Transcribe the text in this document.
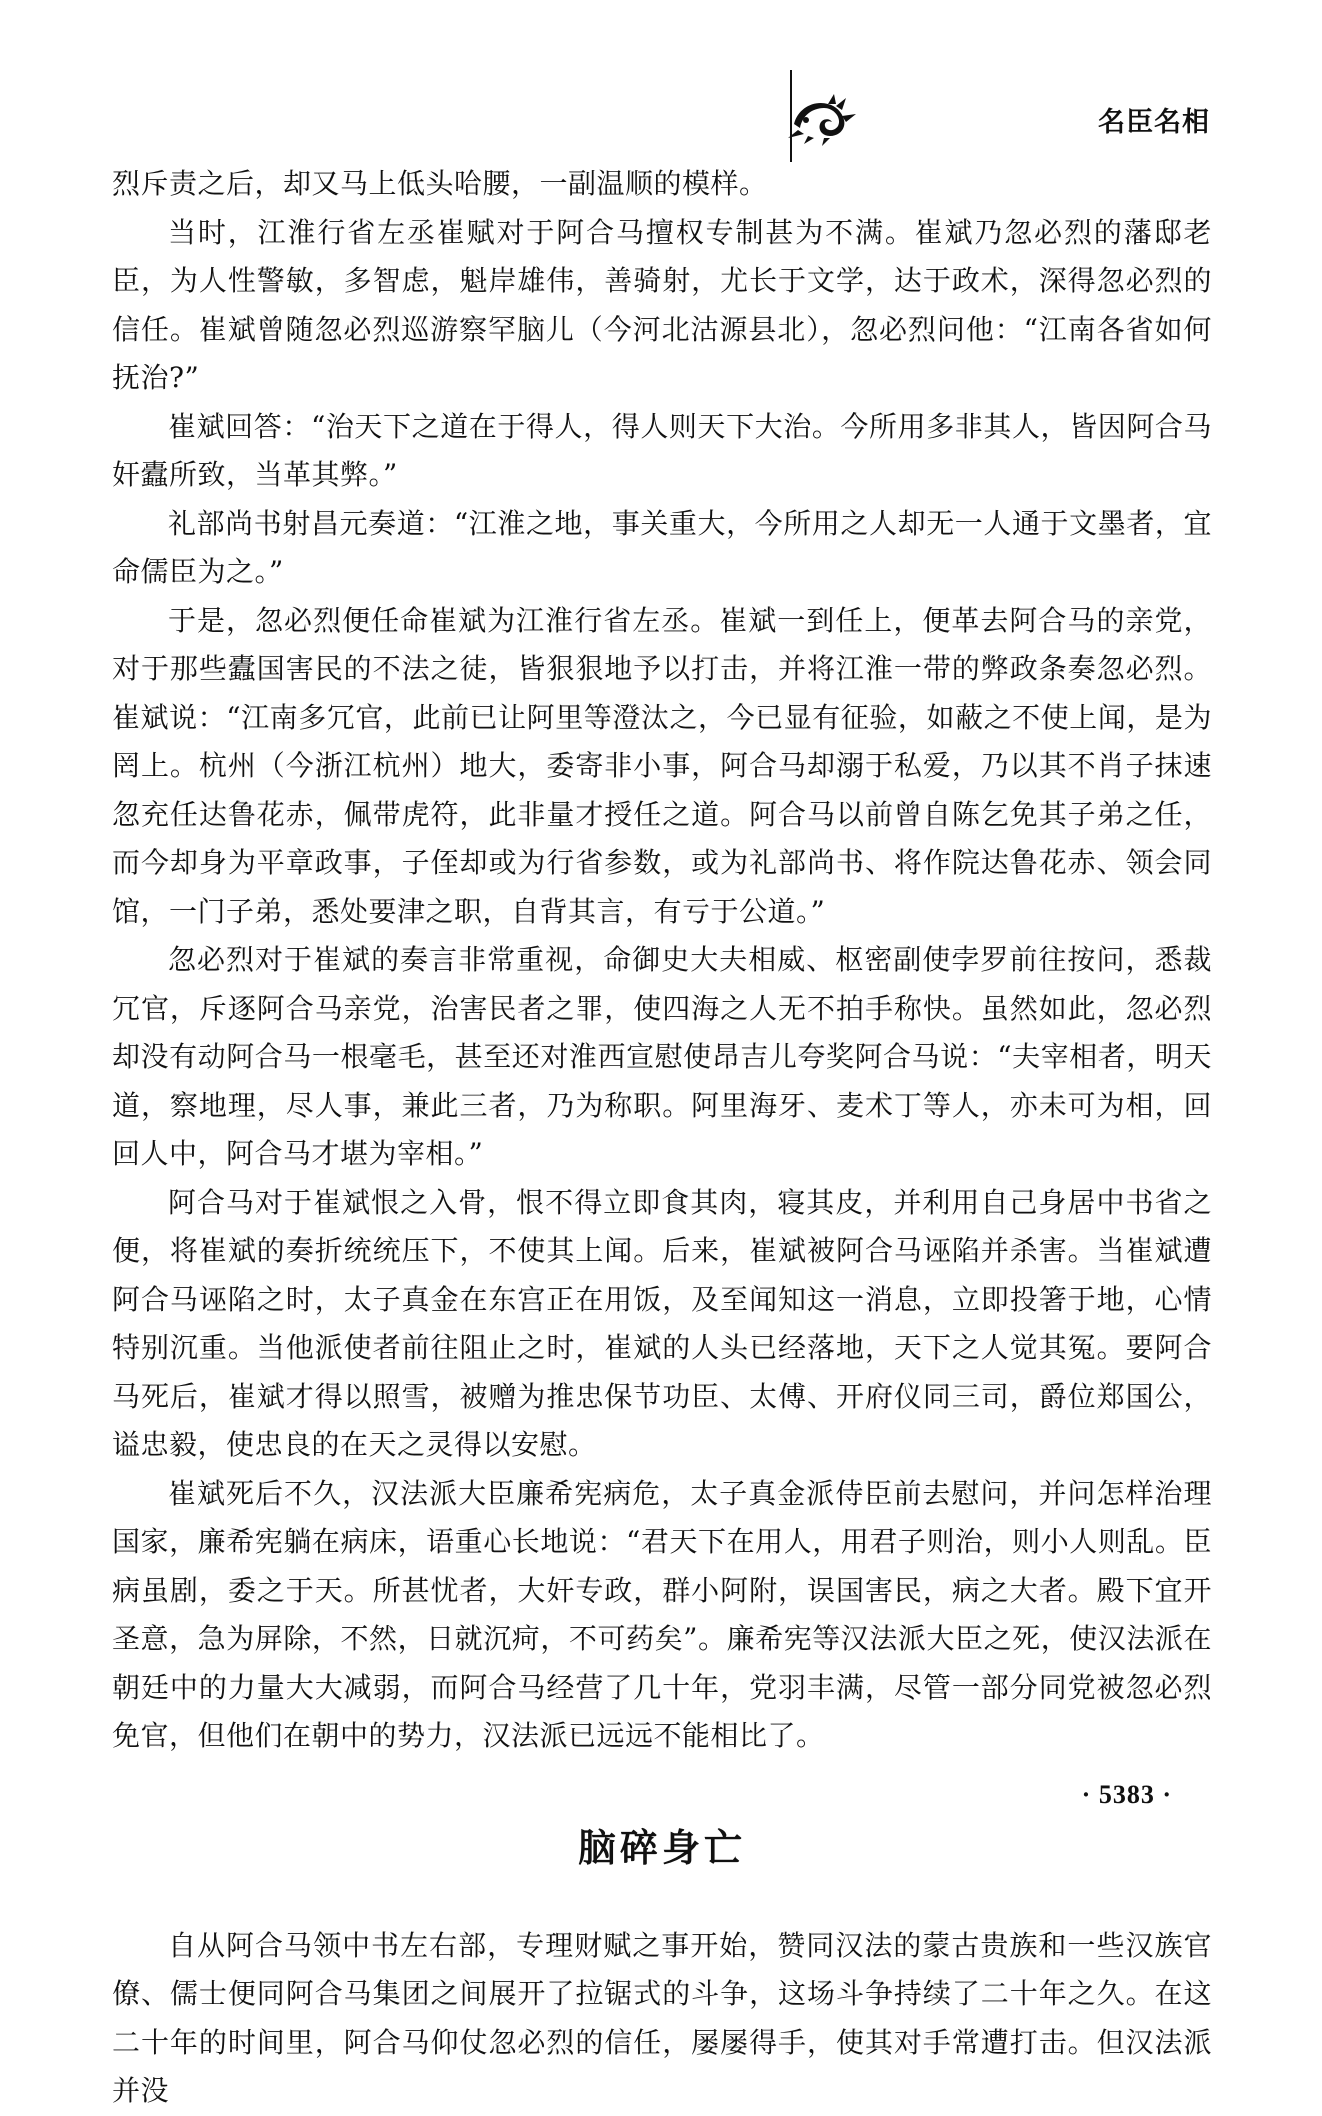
名臣名相

烈斥责之后，却又马上低头哈腰，一副温顺的模样。

当时，江淮行省左丞崔赋对于阿合马擅权专制甚为不满。崔斌乃忽必烈的藩邸老臣，为人性警敏，多智虑，魁岸雄伟，善骑射，尤长于文学，达于政术，深得忽必烈的信任。崔斌曾随忽必烈巡游察罕脑儿（今河北沽源县北），忽必烈问他：“江南各省如何抚治?”

崔斌回答：“治天下之道在于得人，得人则天下大治。今所用多非其人，皆因阿合马奸蠹所致，当革其弊。”

礼部尚书射昌元奏道：“江淮之地，事关重大，今所用之人却无一人通于文墨者，宜命儒臣为之。”

于是，忽必烈便任命崔斌为江淮行省左丞。崔斌一到任上，便革去阿合马的亲党，对于那些蠹国害民的不法之徒，皆狠狠地予以打击，并将江淮一带的弊政条奏忽必烈。崔斌说：“江南多冗官，此前已让阿里等澄汰之，今已显有征验，如蔽之不使上闻，是为罔上。杭州（今浙江杭州）地大，委寄非小事，阿合马却溺于私爱，乃以其不肖子抹速忽充任达鲁花赤，佩带虎符，此非量才授任之道。阿合马以前曾自陈乞免其子弟之任，而今却身为平章政事，子侄却或为行省参数，或为礼部尚书、将作院达鲁花赤、领会同馆，一门子弟，悉处要津之职，自背其言，有亏于公道。”

忽必烈对于崔斌的奏言非常重视，命御史大夫相威、枢密副使孛罗前往按问，悉裁冗官，斥逐阿合马亲党，治害民者之罪，使四海之人无不拍手称快。虽然如此，忽必烈却没有动阿合马一根毫毛，甚至还对淮西宣慰使昂吉儿夸奖阿合马说：“夫宰相者，明天道，察地理，尽人事，兼此三者，乃为称职。阿里海牙、麦术丁等人，亦未可为相，回回人中，阿合马才堪为宰相。”

阿合马对于崔斌恨之入骨，恨不得立即食其肉，寝其皮，并利用自己身居中书省之便，将崔斌的奏折统统压下，不使其上闻。后来，崔斌被阿合马诬陷并杀害。当崔斌遭阿合马诬陷之时，太子真金在东宫正在用饭，及至闻知这一消息，立即投箸于地，心情特别沉重。当他派使者前往阻止之时，崔斌的人头已经落地，天下之人觉其冤。要阿合马死后，崔斌才得以照雪，被赠为推忠保节功臣、太傅、开府仪同三司，爵位郑国公，谥忠毅，使忠良的在天之灵得以安慰。

崔斌死后不久，汉法派大臣廉希宪病危，太子真金派侍臣前去慰问，并问怎样治理国家，廉希宪躺在病床，语重心长地说：“君天下在用人，用君子则治，则小人则乱。臣病虽剧，委之于天。所甚忧者，大奸专政，群小阿附，误国害民，病之大者。殿下宜开圣意，急为屏除，不然，日就沉疴，不可药矣”。廉希宪等汉法派大臣之死，使汉法派在朝廷中的力量大大减弱，而阿合马经营了几十年，党羽丰满，尽管一部分同党被忽必烈免官，但他们在朝中的势力，汉法派已远远不能相比了。

脑碎身亡

自从阿合马领中书左右部，专理财赋之事开始，赞同汉法的蒙古贵族和一些汉族官僚、儒士便同阿合马集团之间展开了拉锯式的斗争，这场斗争持续了二十年之久。在这二十年的时间里，阿合马仰仗忽必烈的信任，屡屡得手，使其对手常遭打击。但汉法派并没

· 5383 ·
